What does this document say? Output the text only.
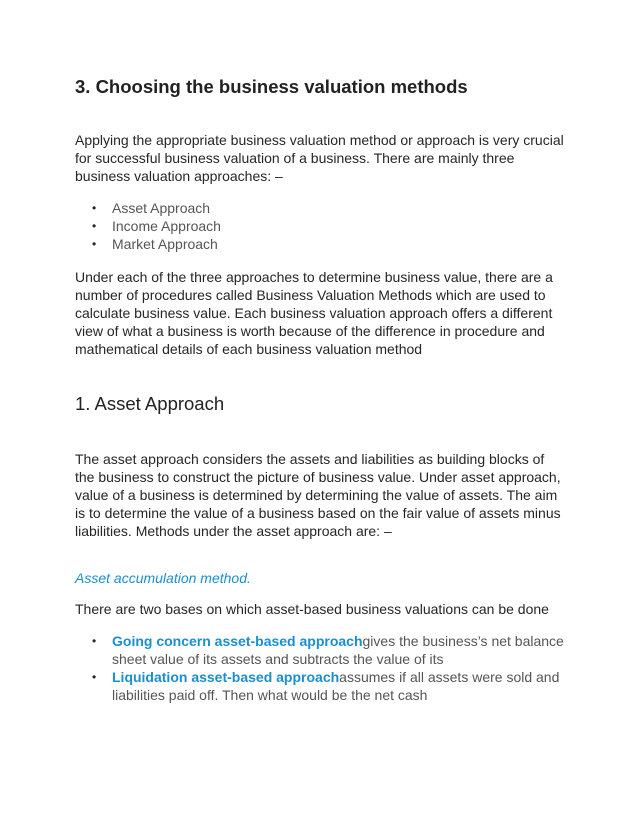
3. Choosing the business valuation methods

Applying the appropriate business valuation method or approach is very crucial for successful business valuation of a business. There are mainly three business valuation approaches: –

• Asset Approach
• Income Approach
• Market Approach

Under each of the three approaches to determine business value, there are a number of procedures called Business Valuation Methods which are used to calculate business value. Each business valuation approach offers a different view of what a business is worth because of the difference in procedure and mathematical details of each business valuation method

1. Asset Approach

The asset approach considers the assets and liabilities as building blocks of the business to construct the picture of business value. Under asset approach, value of a business is determined by determining the value of assets. The aim is to determine the value of a business based on the fair value of assets minus liabilities. Methods under the asset approach are: –

Asset accumulation method.

There are two bases on which asset-based business valuations can be done

• Going concern asset-based approachgives the business’s net balance sheet value of its assets and subtracts the value of its
• Liquidation asset-based approachassumes if all assets were sold and liabilities paid off. Then what would be the net cash
